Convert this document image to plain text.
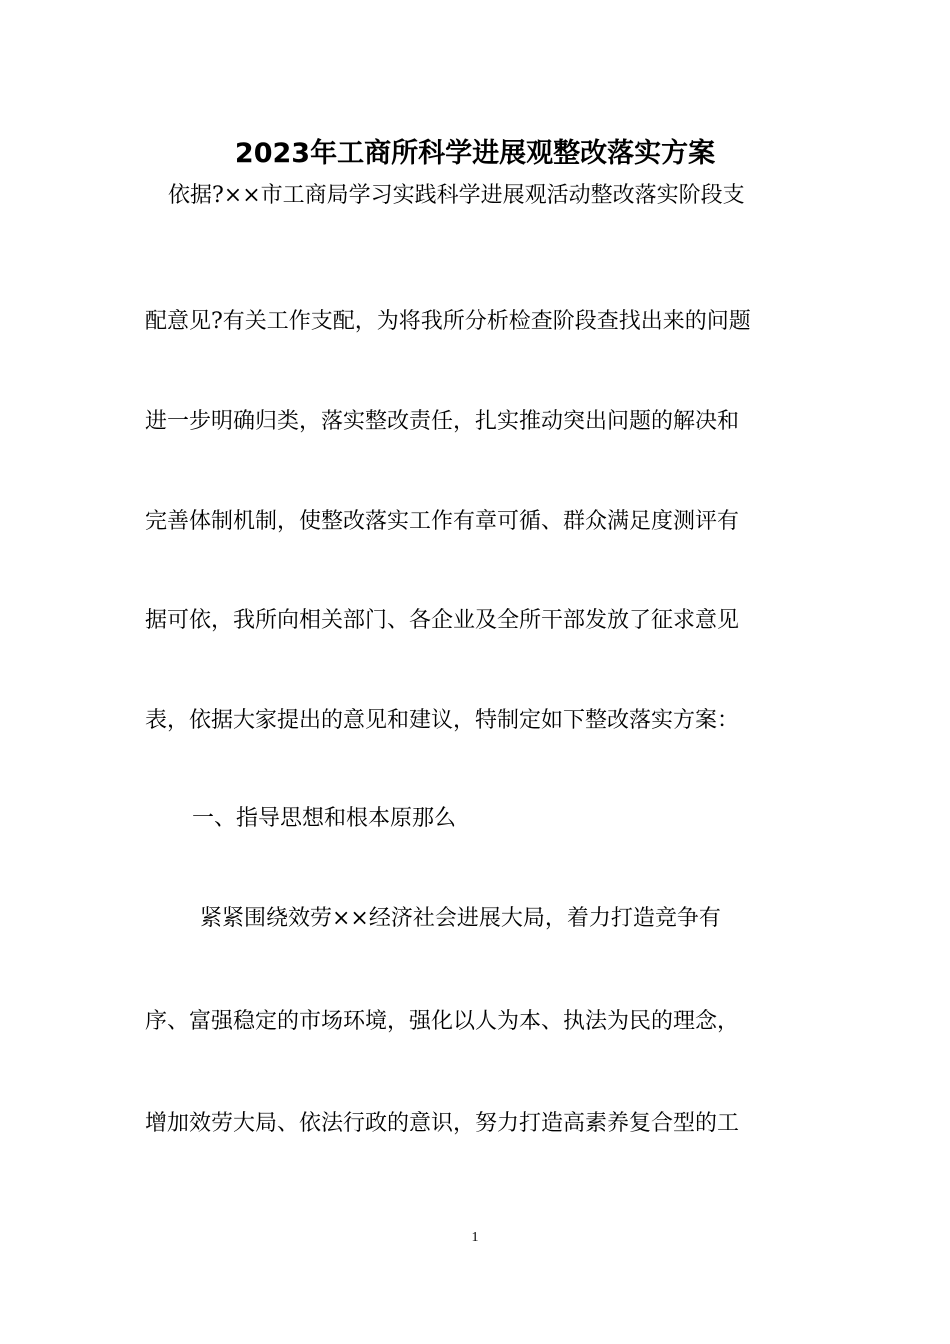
2023年工商所科学进展观整改落实方案
依据?××市工商局学习实践科学进展观活动整改落实阶段支
配意见?有关工作支配，为将我所分析检查阶段查找出来的问题
进一步明确归类，落实整改责任，扎实推动突出问题的解决和
完善体制机制，使整改落实工作有章可循、群众满足度测评有
据可依，我所向相关部门、各企业及全所干部发放了征求意见
表，依据大家提出的意见和建议，特制定如下整改落实方案：
一、指导思想和根本原那么
紧紧围绕效劳××经济社会进展大局，着力打造竞争有
序、富强稳定的市场环境，强化以人为本、执法为民的理念，
增加效劳大局、依法行政的意识，努力打造高素养复合型的工
1
